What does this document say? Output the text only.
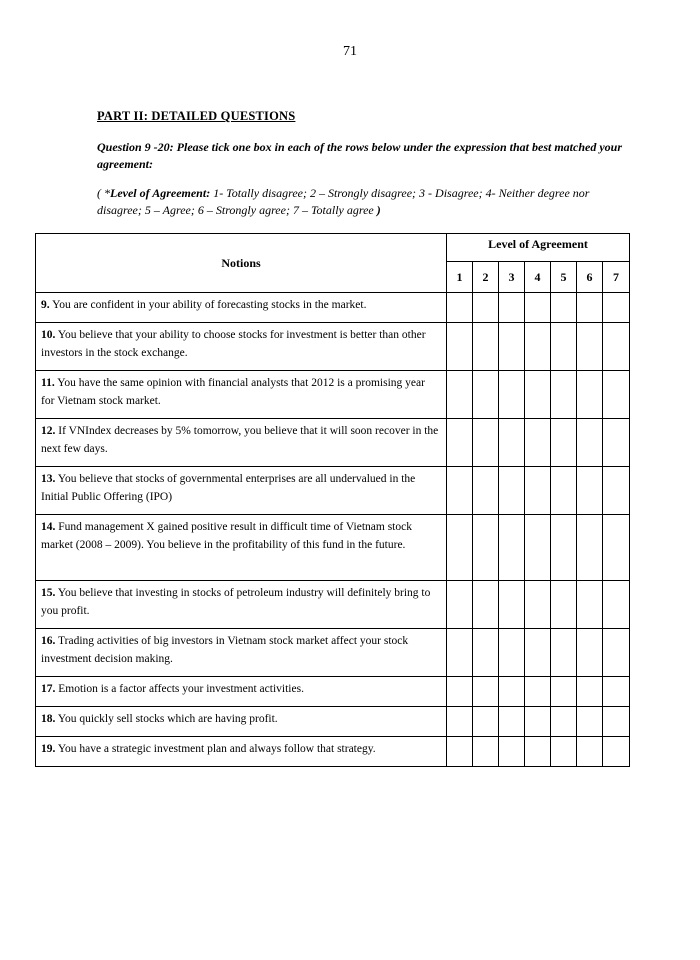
71
PART II: DETAILED QUESTIONS
Question 9 -20: Please tick one box in each of the rows below under the expression that best matched your agreement:
( *Level of Agreement: 1- Totally disagree; 2 – Strongly disagree; 3 - Disagree; 4- Neither degree nor disagree; 5 – Agree; 6 – Strongly agree; 7 – Totally agree )
Notions	Level of Agreement						
	1	2	3	4	5	6	7
9. You are confident in your ability of forecasting stocks in the market.							
10. You believe that your ability to choose stocks for investment is better than other investors in the stock exchange.							
11. You have the same opinion with financial analysts that 2012 is a promising year for Vietnam stock market.							
12. If VNIndex decreases by 5% tomorrow, you believe that it will soon recover in the next few days.							
13. You believe that stocks of governmental enterprises are all undervalued in the Initial Public Offering (IPO)							
14. Fund management X gained positive result in difficult time of Vietnam stock market (2008 – 2009). You believe in the profitability of this fund in the future.							
15. You believe that investing in stocks of petroleum industry will definitely bring to you profit.							
16. Trading activities of big investors in Vietnam stock market affect your stock investment decision making.							
17. Emotion is a factor affects your investment activities.							
18. You quickly sell stocks which are having profit.							
19. You have a strategic investment plan and always follow that strategy.							
